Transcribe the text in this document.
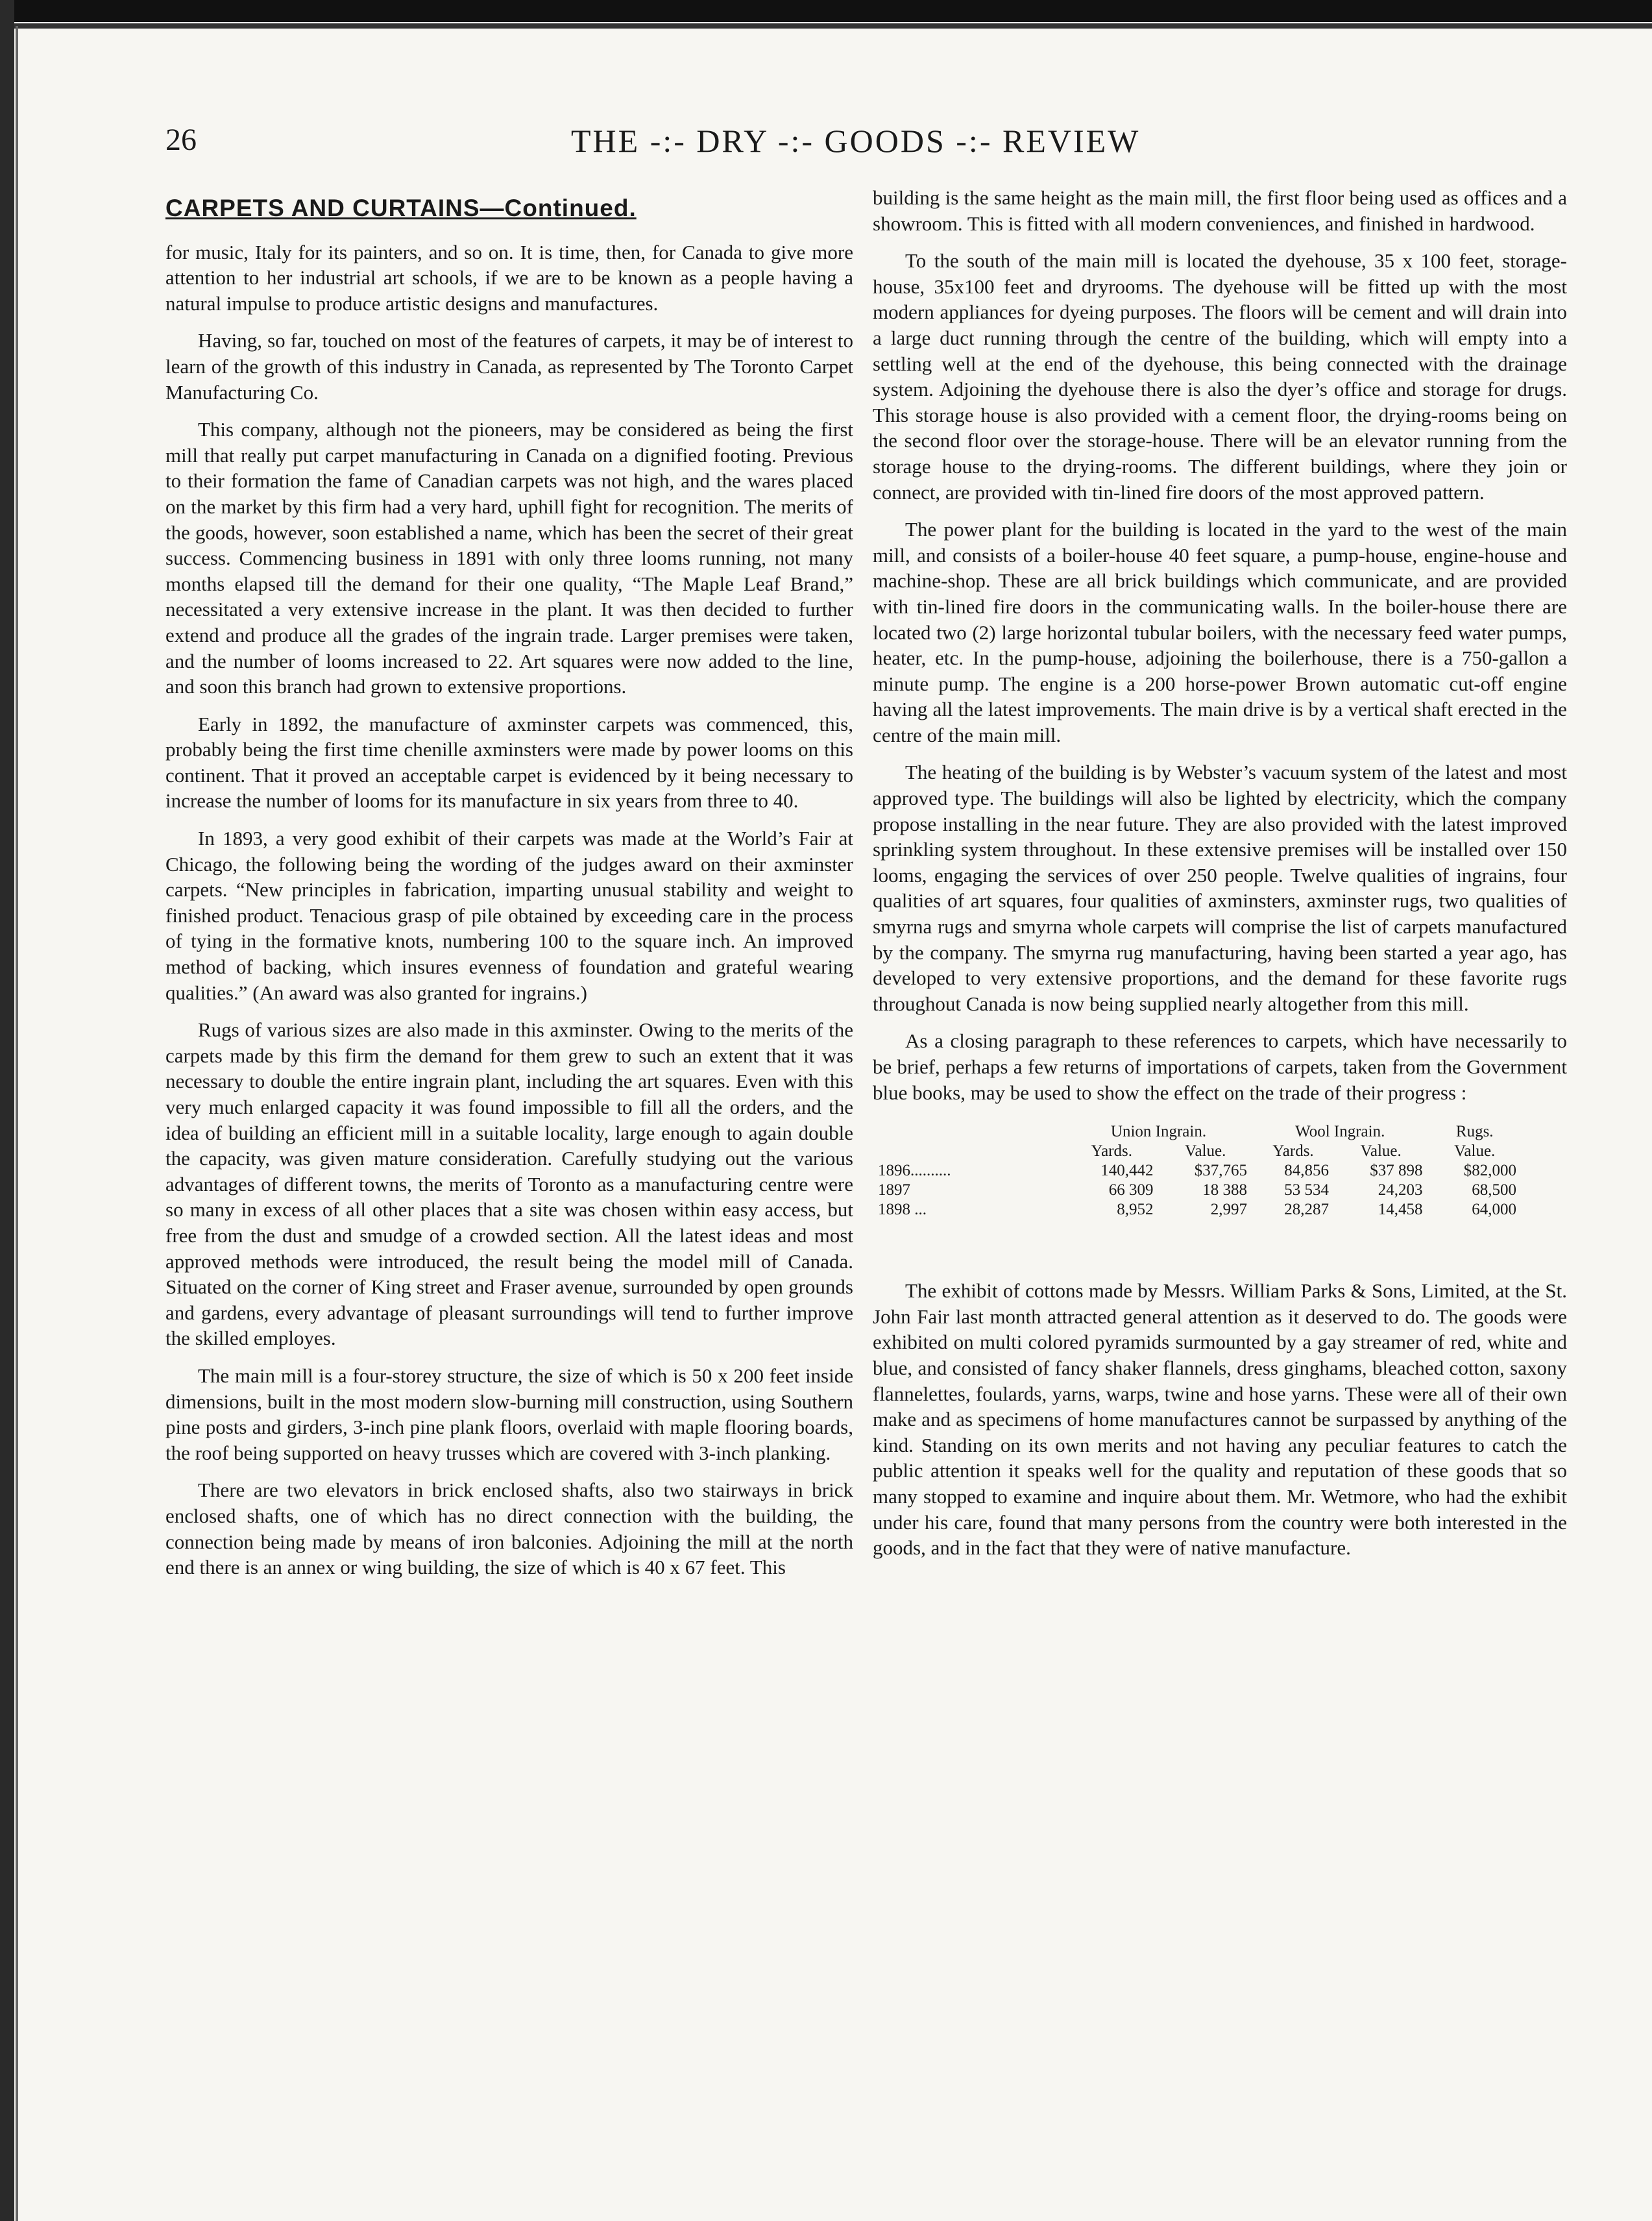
26	THE -:- DRY -:- GOODS -:- REVIEW
CARPETS AND CURTAINS—Continued.

for music, Italy for its painters, and so on. It is time, then, for Canada to give more attention to her industrial art schools, if we are to be known as a people having a natural impulse to produce artistic designs and manufactures.

Having, so far, touched on most of the features of carpets, it may be of interest to learn of the growth of this industry in Canada, as represented by The Toronto Carpet Manufacturing Co.

This company, although not the pioneers, may be considered as being the first mill that really put carpet manufacturing in Canada on a dignified footing. Previous to their formation the fame of Canadian carpets was not high, and the wares placed on the market by this firm had a very hard, uphill fight for recognition. The merits of the goods, however, soon established a name, which has been the secret of their great success. Commencing business in 1891 with only three looms running, not many months elapsed till the demand for their one quality, “The Maple Leaf Brand,” necessitated a very extensive increase in the plant. It was then decided to further extend and produce all the grades of the ingrain trade. Larger premises were taken, and the number of looms increased to 22. Art squares were now added to the line, and soon this branch had grown to extensive proportions.

Early in 1892, the manufacture of axminster carpets was commenced, this, probably being the first time chenille axminsters were made by power looms on this continent. That it proved an acceptable carpet is evidenced by it being necessary to increase the number of looms for its manufacture in six years from three to 40.

In 1893, a very good exhibit of their carpets was made at the World’s Fair at Chicago, the following being the wording of the judges award on their axminster carpets. “New principles in fabrication, imparting unusual stability and weight to finished product. Tenacious grasp of pile obtained by exceeding care in the process of tying in the formative knots, numbering 100 to the square inch. An improved method of backing, which insures evenness of foundation and grateful wearing qualities.” (An award was also granted for ingrains.)

Rugs of various sizes are also made in this axminster. Owing to the merits of the carpets made by this firm the demand for them grew to such an extent that it was necessary to double the entire ingrain plant, including the art squares. Even with this very much enlarged capacity it was found impossible to fill all the orders, and the idea of building an efficient mill in a suitable locality, large enough to again double the capacity, was given mature consideration. Carefully studying out the various advantages of different towns, the merits of Toronto as a manufacturing centre were so many in excess of all other places that a site was chosen within easy access, but free from the dust and smudge of a crowded section. All the latest ideas and most approved methods were introduced, the result being the model mill of Canada. Situated on the corner of King street and Fraser avenue, surrounded by open grounds and gardens, every advantage of pleasant surroundings will tend to further improve the skilled employes.

The main mill is a four-storey structure, the size of which is 50 x 200 feet inside dimensions, built in the most modern slow-burning mill construction, using Southern pine posts and girders, 3-inch pine plank floors, overlaid with maple flooring boards, the roof being supported on heavy trusses which are covered with 3-inch planking.

There are two elevators in brick enclosed shafts, also two stairways in brick enclosed shafts, one of which has no direct connection with the building, the connection being made by means of iron balconies. Adjoining the mill at the north end there is an annex or wing building, the size of which is 40 x 67 feet. This

building is the same height as the main mill, the first floor being used as offices and a showroom. This is fitted with all modern conveniences, and finished in hardwood.

To the south of the main mill is located the dyehouse, 35 x 100 feet, storage-house, 35x100 feet and dryrooms. The dyehouse will be fitted up with the most modern appliances for dyeing purposes. The floors will be cement and will drain into a large duct running through the centre of the building, which will empty into a settling well at the end of the dyehouse, this being connected with the drainage system. Adjoining the dyehouse there is also the dyer’s office and storage for drugs. This storage house is also provided with a cement floor, the drying-rooms being on the second floor over the storage-house. There will be an elevator running from the storage house to the drying-rooms. The different buildings, where they join or connect, are provided with tin-lined fire doors of the most approved pattern.

The power plant for the building is located in the yard to the west of the main mill, and consists of a boiler-house 40 feet square, a pump-house, engine-house and machine-shop. These are all brick buildings which communicate, and are provided with tin-lined fire doors in the communicating walls. In the boiler-house there are located two (2) large horizontal tubular boilers, with the necessary feed water pumps, heater, etc. In the pump-house, adjoining the boilerhouse, there is a 750-gallon a minute pump. The engine is a 200 horse-power Brown automatic cut-off engine having all the latest improvements. The main drive is by a vertical shaft erected in the centre of the main mill.

The heating of the building is by Webster’s vacuum system of the latest and most approved type. The buildings will also be lighted by electricity, which the company propose installing in the near future. They are also provided with the latest improved sprinkling system throughout. In these extensive premises will be installed over 150 looms, engaging the services of over 250 people. Twelve qualities of ingrains, four qualities of art squares, four qualities of axminsters, axminster rugs, two qualities of smyrna rugs and smyrna whole carpets will comprise the list of carpets manufactured by the company. The smyrna rug manufacturing, having been started a year ago, has developed to very extensive proportions, and the demand for these favorite rugs throughout Canada is now being supplied nearly altogether from this mill.

As a closing paragraph to these references to carpets, which have necessarily to be brief, perhaps a few returns of importations of carpets, taken from the Government blue books, may be used to show the effect on the trade of their progress :

	Union Ingrain.		Wool Ingrain.		Rugs.
	Yards.	Value.	Yards.	Value.	Value.
1896..........	140,442	$37,765	84,856	$37 898	$82,000
1897	66 309	18 388	53 534	24,203	68,500
1898 ...	8,952	2,997	28,287	14,458	64,000

The exhibit of cottons made by Messrs. William Parks & Sons, Limited, at the St. John Fair last month attracted general attention as it deserved to do. The goods were exhibited on multi colored pyramids surmounted by a gay streamer of red, white and blue, and consisted of fancy shaker flannels, dress ginghams, bleached cotton, saxony flannelettes, foulards, yarns, warps, twine and hose yarns. These were all of their own make and as specimens of home manufactures cannot be surpassed by anything of the kind. Standing on its own merits and not having any peculiar features to catch the public attention it speaks well for the quality and reputation of these goods that so many stopped to examine and inquire about them. Mr. Wetmore, who had the exhibit under his care, found that many persons from the country were both interested in the goods, and in the fact that they were of native manufacture.
